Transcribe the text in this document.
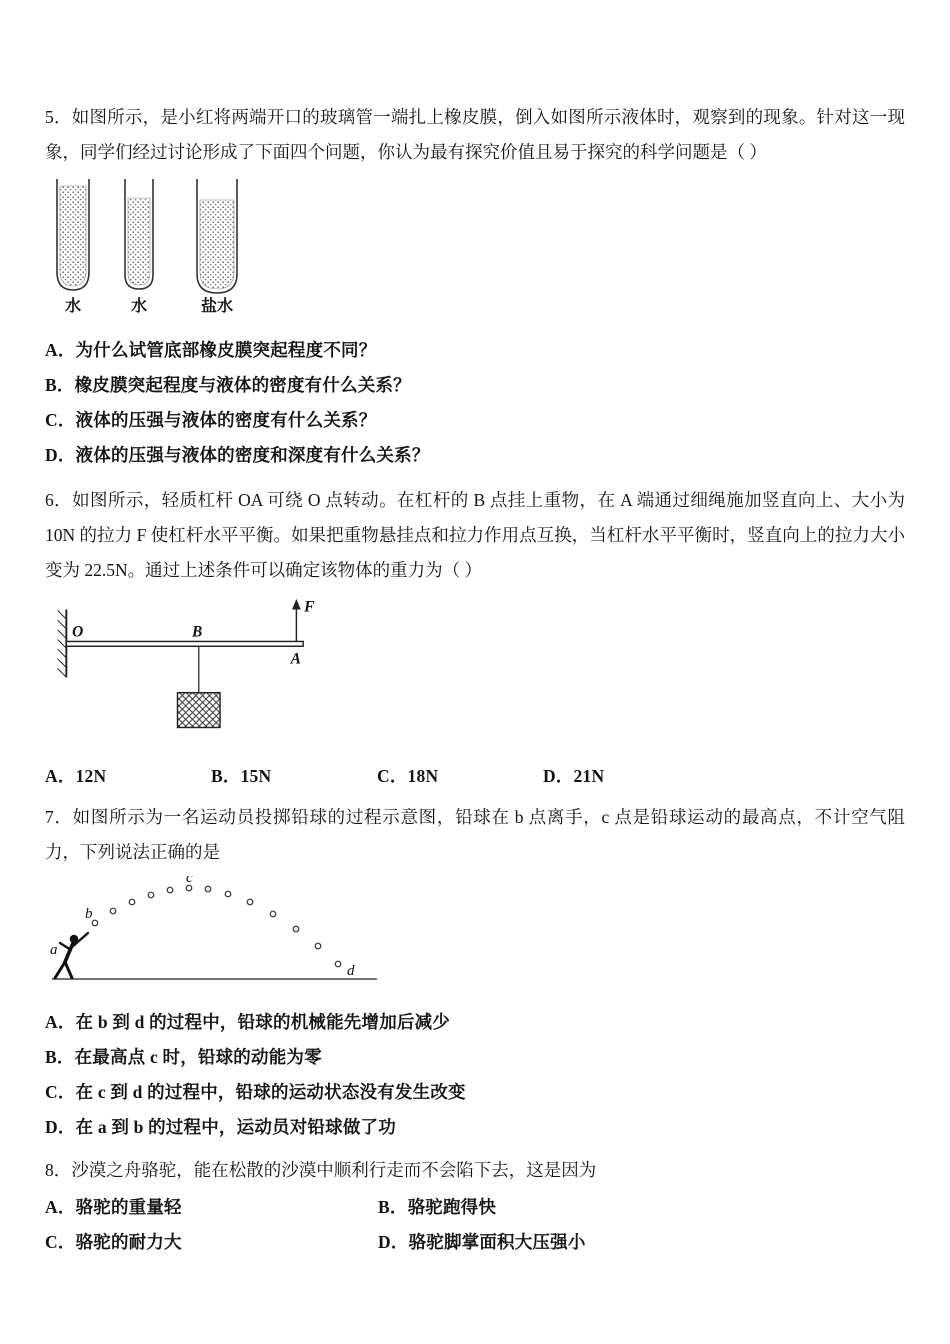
5．如图所示，是小红将两端开口的玻璃管一端扎上橡皮膜，倒入如图所示液体时，观察到的现象。针对这一现象，同学们经过讨论形成了下面四个问题，你认为最有探究价值且易于探究的科学问题是（ ）

水	水	盐水

A．为什么试管底部橡皮膜突起程度不同？

B．橡皮膜突起程度与液体的密度有什么关系？

C．液体的压强与液体的密度有什么关系？

D．液体的压强与液体的密度和深度有什么关系？

6．如图所示，轻质杠杆 OA 可绕 O 点转动。在杠杆的 B 点挂上重物，在 A 端通过细绳施加竖直向上、大小为 10N 的拉力 F 使杠杆水平平衡。如果把重物悬挂点和拉力作用点互换，当杠杆水平平衡时，竖直向上的拉力大小变为 22.5N。通过上述条件可以确定该物体的重力为（ ）

O	B
A
F

A．12N	B．15N	C．18N	D．21N

7．如图所示为一名运动员投掷铅球的过程示意图，铅球在 b 点离手，c 点是铅球运动的最高点，不计空气阻力，下列说法正确的是

a
b
c
d

A．在 b 到 d 的过程中，铅球的机械能先增加后减少

B．在最高点 c 时，铅球的动能为零

C．在 c 到 d 的过程中，铅球的运动状态没有发生改变

D．在 a 到 b 的过程中，运动员对铅球做了功

8．沙漠之舟骆驼，能在松散的沙漠中顺利行走而不会陷下去，这是因为

A．骆驼的重量轻	B．骆驼跑得快

C．骆驼的耐力大	D．骆驼脚掌面积大压强小
